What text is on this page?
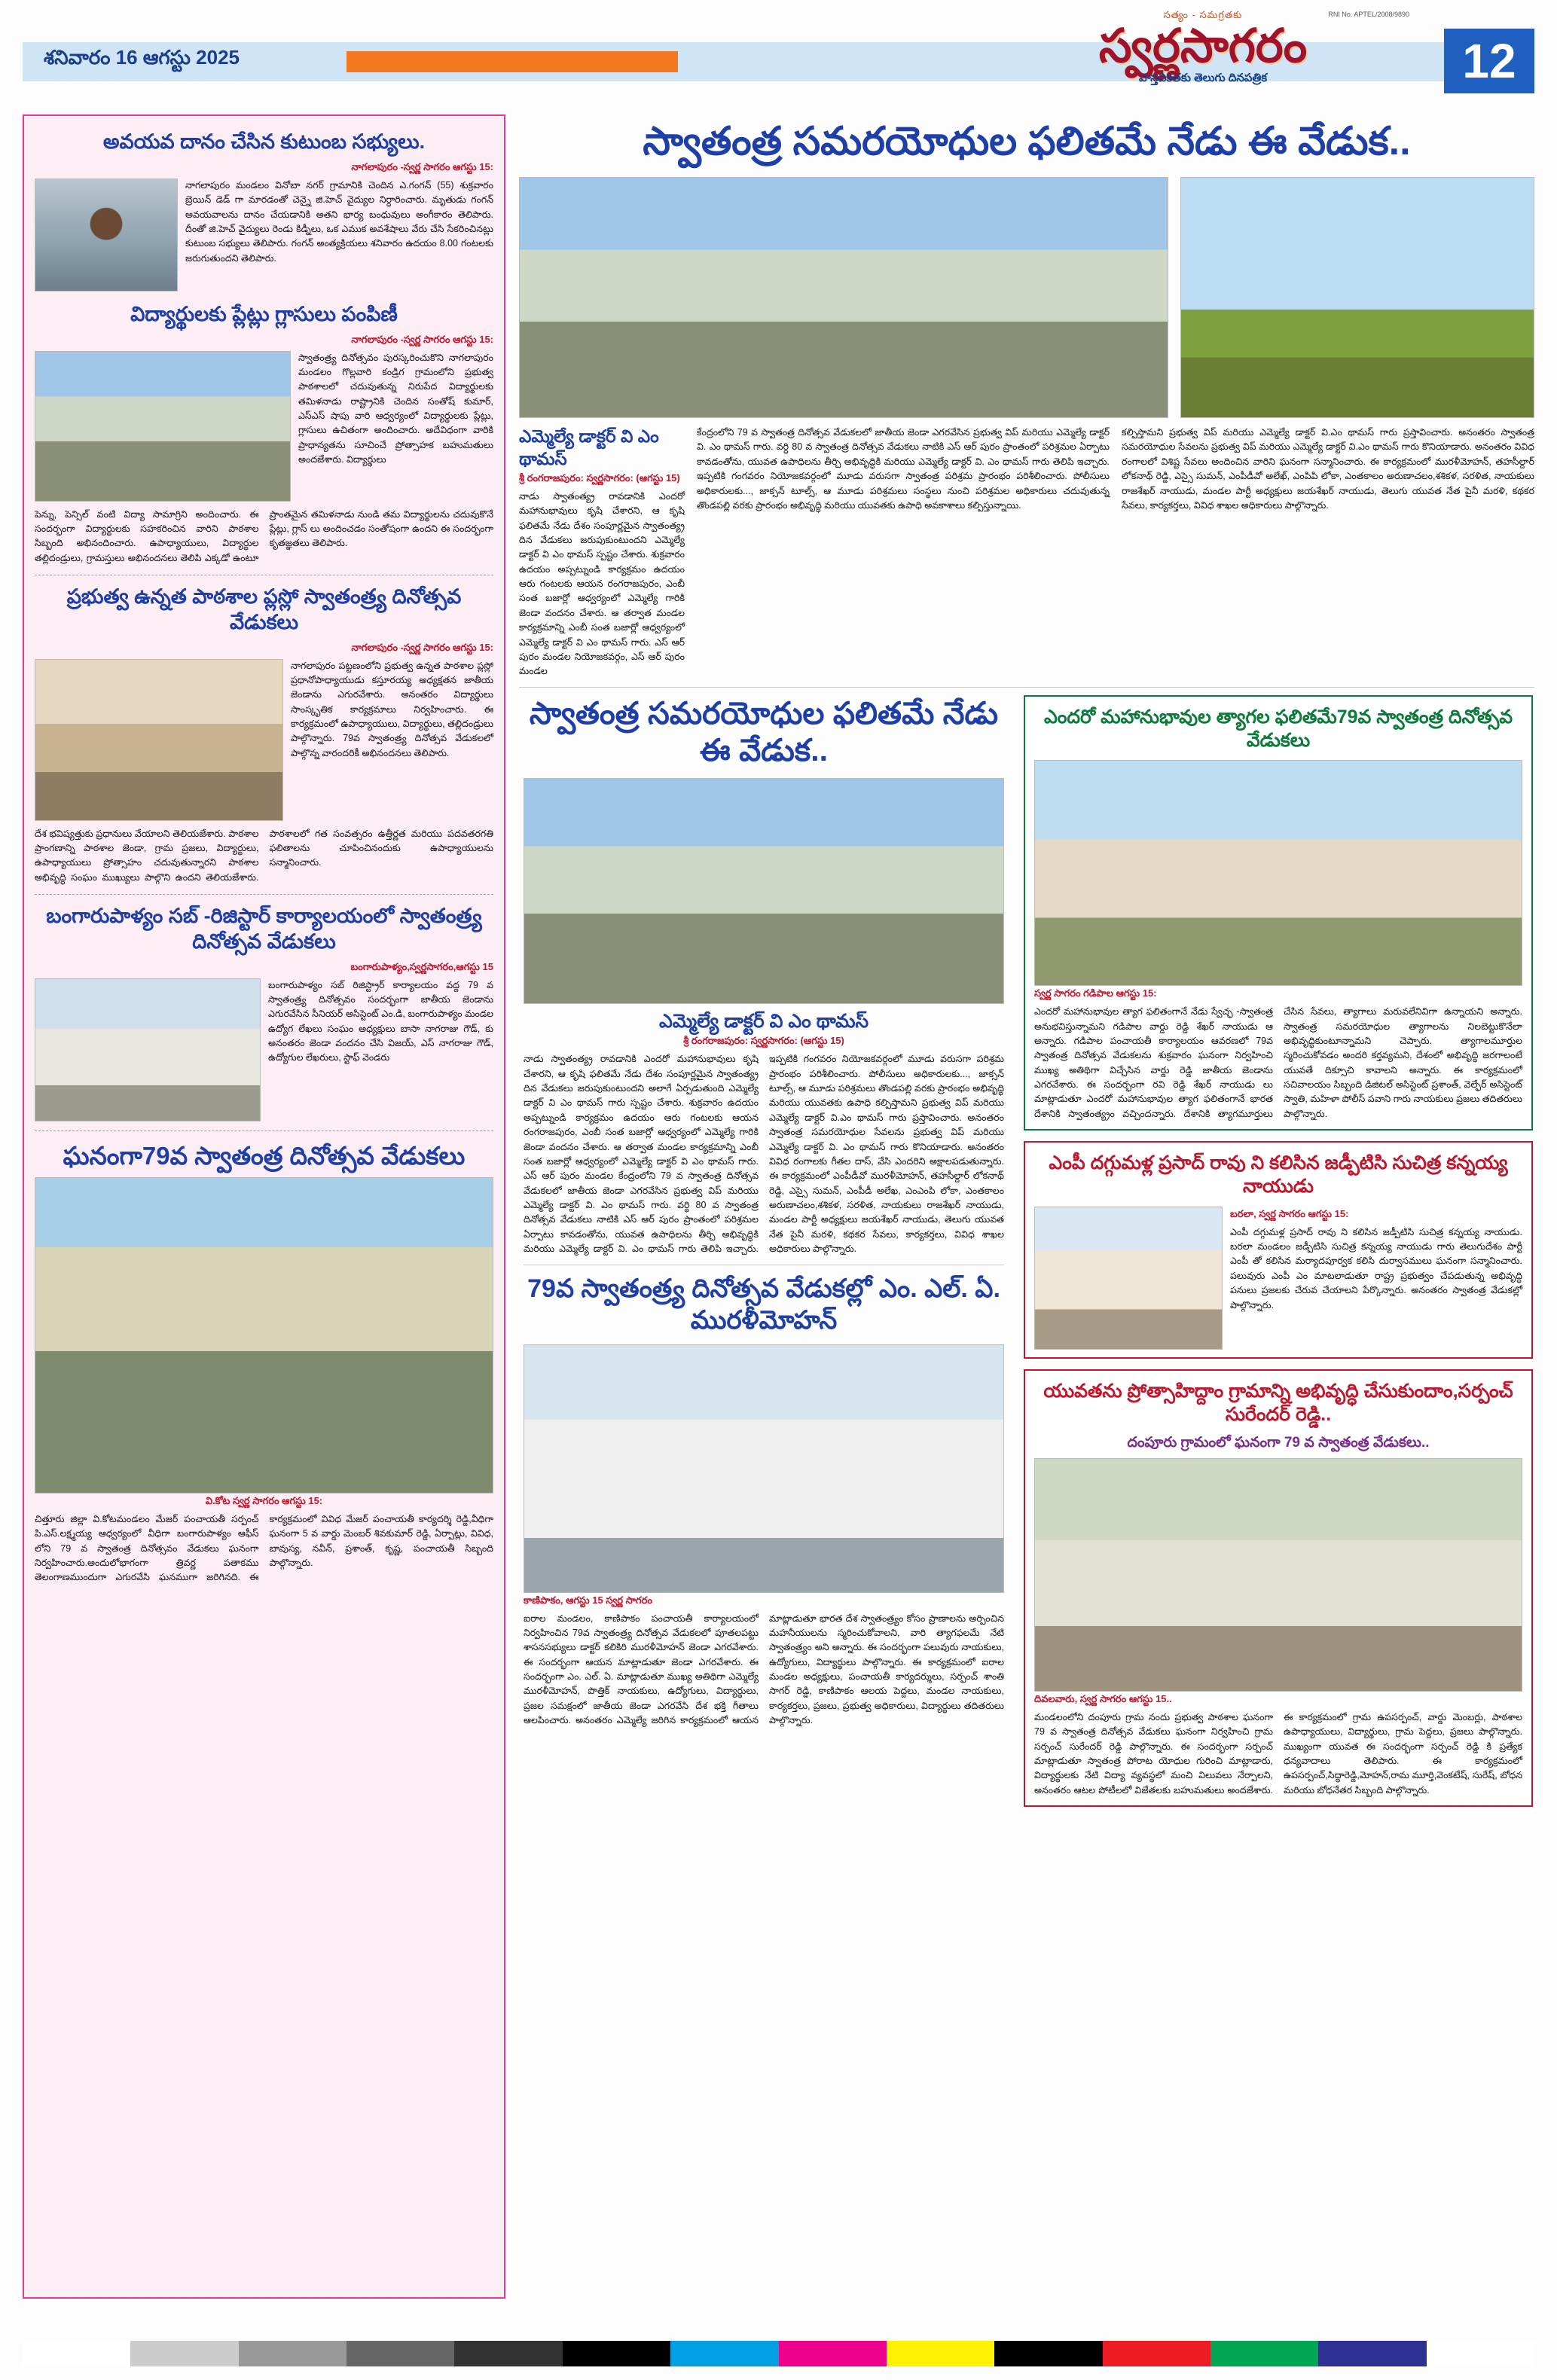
శనివారం 16 ఆగస్టు 2025
RNI No. APTEL/2008/9890
సత్యం - సమగ్రతకు
స్వర్ణసాగరం
వాస్తవికతకు తెలుగు దినపత్రిక	12
అవయవ దానం చేసిన కుటుంబ సభ్యులు.
నాగలాపురం -స్వర్ణ సాగరం ఆగస్టు 15:
నాగలాపురం మండలం వినోబా నగర్ గ్రామానికి చెందిన ఎ.గంగన్ (55) శుక్రవారం బ్రెయిన్ డెడ్ గా మారడంతో చెన్నై జి.హెచ్ వైద్యుల నిర్ధారించారు. మృతుడు గంగన్ అవయవాలను దానం చేయడానికి అతని భార్య బంధువులు అంగీకారం తెలిపారు. దీంతో జి.హెచ్ వైద్యులు రెండు కిడ్నీలు, ఒక ఎముక అవశేషాలు వేరు చేసి సేకరించినట్లు కుటుంబ సభ్యులు తెలిపారు. గంగన్ అంత్యక్రియలు శనివారం ఉదయం 8.00 గంటలకు జరుగుతుందని తెలిపారు.
విద్యార్థులకు ప్లేట్లు గ్లాసులు పంపిణీ
నాగలాపురం -స్వర్ణ సాగరం ఆగస్టు 15:
స్వాతంత్ర్య దినోత్సవం పురస్కరించుకొని నాగలాపురం మండలం గొల్లవారి కండ్రిగ గ్రామంలోని ప్రభుత్వ పాఠశాలలో చదువుతున్న నిరుపేద విద్యార్థులకు తమిళనాడు రాష్ట్రానికి చెందిన సంతోష్ కుమార్, ఎస్ఎస్ షాపు వారి ఆధ్వర్యంలో విద్యార్థులకు ప్లేట్లు, గ్లాసులు ఉచితంగా అందించారు. అదేవిధంగా వారికి ప్రాధాన్యతను సూచించే ప్రోత్సాహక బహుమతులు అందజేశారు. విద్యార్థులు
పెన్ను, పెన్సిల్ వంటి విద్యా సామాగ్రిని అందించారు. ఈ సందర్భంగా విద్యార్థులకు సహకరించిన వారిని పాఠశాల సిబ్బంది అభినందించారు. ఉపాధ్యాయులు, విద్యార్థుల తల్లిదండ్రులు, గ్రామస్తులు అభినందనలు తెలిపి ఎక్కడో ఉంటూ ప్రాంతమైన తమిళనాడు నుండి తమ విద్యార్థులను చదువుకొనే ప్లేట్లు, గ్లాస్ లు అందించడం సంతోషంగా ఉందని ఈ సందర్భంగా కృతజ్ఞతలు తెలిపారు.
ప్రభుత్వ ఉన్నత పాఠశాల ప్లస్లో స్వాతంత్ర్య దినోత్సవ వేడుకలు
నాగలాపురం -స్వర్ణ సాగరం ఆగస్టు 15:
నాగలాపురం పట్టణంలోని ప్రభుత్వ ఉన్నత పాఠశాల ప్లస్లో ప్రధానోపాధ్యాయుడు కస్తూరయ్య అధ్యక్షతన జాతీయ జెండాను ఎగురవేశారు. అనంతరం విద్యార్థులు సాంస్కృతిక కార్యక్రమాలు నిర్వహించారు. ఈ కార్యక్రమంలో ఉపాధ్యాయులు, విద్యార్థులు, తల్లిదండ్రులు పాల్గొన్నారు. 79వ స్వాతంత్ర్య దినోత్సవ వేడుకలలో పాల్గొన్న వారందరికీ అభినందనలు తెలిపారు.
దేశ భవిష్యత్తుకు ప్రధానులు వేయాలని తెలియజేశారు. పాఠశాల ప్రాంగణాన్ని పాఠశాల జెండా, గ్రామ ప్రజలు, విద్యార్థులు, ఉపాధ్యాయులు ప్రోత్సాహం చదువుతున్నారని పాఠశాల అభివృద్ధి సంఘం ముఖ్యులు పాల్గొని ఉందని తెలియజేశారు. పాఠశాలలో గత సంవత్సరం ఉత్తీర్ణత మరియు పదవతరగతి ఫలితాలను చూపించినందుకు ఉపాధ్యాయులను సన్మానించారు.
బంగారుపాళ్యం సబ్ -రిజిస్టార్ కార్యాలయంలో స్వాతంత్ర్య దినోత్సవ వేడుకలు
బంగారుపాళ్యం,స్వర్ణసాగరం,ఆగస్టు 15
బంగారుపాళ్యం సబ్ రిజిస్ట్రార్ కార్యాలయం వద్ద 79 వ స్వాతంత్ర్య దినోత్సవం సందర్భంగా జాతీయ జెండాను ఎగురవేసిన సీనియర్ అసిస్టెంట్ ఎం.డి, బంగారుపాళ్యం మండల ఉద్యోగ లేఖలు సంఘం అధ్యక్షులు బాసా నాగరాజు గౌడ్, కు అనంతరం జెండా వందనం చేసి విజయ్, ఎస్ నాగరాజు గౌడ్, ఉద్యోగుల లేఖరులు, స్టాఫ్ వెండరు
ఘనంగా79వ స్వాతంత్ర దినోత్సవ వేడుకలు
వి.కోట స్వర్ణ సాగరం ఆగస్టు 15:
చిత్తూరు జిల్లా వి.కోటమండలం మేజర్ పంచాయతీ సర్పంచ్ పి.ఎస్.లక్ష్మయ్య ఆధ్వర్యంలో వీధిగా బంగారుపాళ్యం ఆఫీస్ లోని 79 వ స్వాతంత్ర దినోత్సవం వేడుకలు ఘనంగా నిర్వహించారు.అందులోభాగంగా త్రివర్ణ పతాకము తెలంగాణముందుగా ఎగురవేసి ఘనముగా జరిగినది. ఈ కార్యక్రమంలో వివిధ మేజర్ పంచాయతీ కార్యదర్శి రెడ్డి,వీధిగా ఘనంగా 5 వ వార్డు మెంబర్ శివకుమార్ రెడ్డి, ఏర్పాట్లు, వివిధ, బావుస్య, నవీన్, ప్రశాంత్, కృష్ణ, పంచాయతీ సిబ్బంది పాల్గొన్నారు.
స్వాతంత్ర సమరయోధుల ఫలితమే నేడు ఈ వేడుక..
ఎమ్మెల్యే డాక్టర్ వి ఎం థామస్
శ్రీ రంగరాజపురం: స్వర్ణసాగరం: (ఆగస్టు 15)
నాడు స్వాతంత్య్ర రావడానికి ఎందరో మహానుభావులు కృషి చేశారని, ఆ కృషి ఫలితమే నేడు దేశం సంపూర్ణమైన స్వాతంత్య్ర దిన వేడుకలు జరుపుకుంటుందని ఎమ్మెల్యే డాక్టర్ వి ఎం థామస్ స్పష్టం చేశారు. శుక్రవారం ఉదయం అప్పట్నుండి కార్యక్రమం ఉదయం ఆరు గంటలకు ఆయన రంగరాజపురం, ఎంబీ సంత బజార్లో ఆధ్వర్యంలో ఎమ్మెల్యే గారికి జెండా వందనం చేశారు. ఆ తర్వాత మండల కార్యక్రమాన్ని ఎంబీ సంత బజార్లో ఆధ్వర్యంలో ఎమ్మెల్యే డాక్టర్ వి ఎం థామస్ గారు. ఎస్ ఆర్ పురం మండల నియోజకవర్గం, ఎస్ ఆర్ పురం మండల
కేంద్రంలోని 79 వ స్వాతంత్ర దినోత్సవ వేడుకలలో జాతీయ జెండా ఎగరవేసిన ప్రభుత్వ విప్ మరియు ఎమ్మెల్యే డాక్టర్ వి. ఎం థామస్ గారు. వర్ధి 80 వ స్వాతంత్ర దినోత్సవ వేడుకలు నాటికి ఎస్ ఆర్ పురం ప్రాంతంలో పరిశ్రమల ఏర్పాటు కావడంతోను, యువత ఉపాధిలను తీర్చి అభివృద్ధికి మరియు ఎమ్మెల్యే డాక్టర్ వి. ఎం థామస్ గారు తెలిపి ఇచ్చారు. ఇప్పటికి గంగవరం నియోజకవర్గంలో మూడు వరుసగా స్వాతంత్ర పరిశ్రమ ప్రారంభం పరిశీలించారు. పోలీసులు అధికారులకు..., జాక్సన్ టూల్స్, ఆ మూడు పరిశ్రమలు సంస్థలు నుంచి పరిశ్రమల అధికారులు చదువుతున్న తొండపల్లి వరకు ప్రారంభం అభివృద్ధి మరియు యువతకు ఉపాధి అవకాశాలు కల్పిస్తున్నాయి.
కల్పిస్తామని ప్రభుత్వ విప్ మరియు ఎమ్మెల్యే డాక్టర్ వి.ఎం థామస్ గారు ప్రస్తావించారు. అనంతరం స్వాతంత్ర సమరయోధుల సేవలను ప్రభుత్వ విప్ మరియు ఎమ్మెల్యే డాక్టర్ వి.ఎం థామస్ గారు కొనియాడారు. అనంతరం వివిధ రంగాలలో విశిష్ట సేవలు అందించిన వారిని ఘనంగా సన్మానించారు. ఈ కార్యక్రమంలో మురళీమోహన్, తహసీల్దార్ లోకనాథ్ రెడ్డి, ఎస్సై సుమన్, ఎంపీడీవో అలేఖ్, ఎంపిపి లోకా, ఎంతకాలం అరుణాచలం,శశికళ, సరళిత, నాయకులు రాజశేఖర్ నాయుడు, మండల పార్టీ అధ్యక్షులు జయశేఖర్ నాయుడు, తెలుగు యువత నేత పైనీ మరళి, కథకర సేవలు, కార్యకర్తలు, వివిధ శాఖల అధికారులు పాల్గొన్నారు.
స్వాతంత్ర సమరయోధుల ఫలితమే నేడు ఈ వేడుక..
ఎమ్మెల్యే డాక్టర్ వి ఎం థామస్
శ్రీ రంగరాజపురం: స్వర్ణసాగరం: (ఆగస్టు 15)
నాడు స్వాతంత్య్ర రావడానికి ఎందరో మహానుభావులు కృషి చేశారని, ఆ కృషి ఫలితమే నేడు దేశం సంపూర్ణమైన స్వాతంత్య్ర దిన వేడుకలు జరుపుకుంటుందని అలాగే ఏర్పడుతుంది ఎమ్మెల్యే డాక్టర్ వి ఎం థామస్ గారు స్పష్టం చేశారు. శుక్రవారం ఉదయం అప్పట్నుండి కార్యక్రమం ఉదయం ఆరు గంటలకు ఆయన రంగరాజపురం, ఎంబీ సంత బజార్లో ఆధ్వర్యంలో ఎమ్మెల్యే గారికి జెండా వందనం చేశారు. ఆ తర్వాత మండల కార్యక్రమాన్ని ఎంబీ సంత బజార్లో ఆధ్వర్యంలో ఎమ్మెల్యే డాక్టర్ వి ఎం థామస్ గారు. ఎస్ ఆర్ పురం మండల కేంద్రంలోని 79 వ స్వాతంత్ర దినోత్సవ వేడుకలలో జాతీయ జెండా ఎగరవేసిన ప్రభుత్వ విప్ మరియు ఎమ్మెల్యే డాక్టర్ వి. ఎం థామస్ గారు. వర్ధి 80 వ స్వాతంత్ర దినోత్సవ వేడుకలు నాటికి ఎస్ ఆర్ పురం ప్రాంతంలో పరిశ్రమల ఏర్పాటు కావడంతోను, యువత ఉపాధిలను తీర్చి అభివృద్ధికి మరియు ఎమ్మెల్యే డాక్టర్ వి. ఎం థామస్ గారు తెలిపి ఇచ్చారు. ఇప్పటికి గంగవరం నియోజకవర్గంలో మూడు వరుసగా పరిశ్రమ ప్రారంభం పరిశీలించారు. పోలీసులు అధికారులకు..., జాక్సన్ టూల్స్, ఆ మూడు పరిశ్రమలు తొండపల్లి వరకు ప్రారంభం అభివృద్ధి మరియు యువతకు ఉపాధి కల్పిస్తామని ప్రభుత్వ విప్ మరియు ఎమ్మెల్యే డాక్టర్ వి.ఎం థామస్ గారు ప్రస్తావించారు. అనంతరం స్వాతంత్ర సమరయోధుల సేవలను ప్రభుత్వ విప్ మరియు ఎమ్మెల్యే డాక్టర్ వి. ఎం థామస్ గారు కొనియాడారు. అనంతరం వివిధ రంగాలకు గీతల దాస్, వేసి ఎందరిని అక్షాలపడుతున్నారు. ఈ కార్యక్రమంలో ఎంపీడీవో మురళీమోహన్, తహసీల్దార్ లోకనాథ్ రెడ్డి, ఎస్సై సుమన్, ఎంపీడీ అలేఖ, ఎంఎంపి లోకా, ఎంతకాలం అరుణాచలం,శశికళ, సరళిత, నాయకులు రాజశేఖర్ నాయుడు, మండల పార్టీ అధ్యక్షులు జయశేఖర్ నాయుడు, తెలుగు యువత నేత పైనీ మరళి, కథకర సేవలు, కార్యకర్తలు, వివిధ శాఖల అధికారులు పాల్గొన్నారు.
79వ స్వాతంత్ర్య దినోత్సవ వేడుకల్లో ఎం. ఎల్. ఏ. మురళీమోహన్
కాణిపాకం, ఆగస్టు 15 స్వర్ణ సాగరం
ఐరాల మండలం, కాణిపాకం పంచాయతీ కార్యాలయంలో నిర్వహించిన 79వ స్వాతంత్ర్య దినోత్సవ వేడుకలలో పూతలపట్టు శాసనసభ్యులు డాక్టర్ కలికిరి మురళీమోహన్ జెండా ఎగరవేశారు. ఈ సందర్భంగా ఆయన మాట్లాడుతూ జెండా ఎగరవేశారు. ఈ సందర్భంగా ఎం. ఎల్. ఏ. మాట్లాడుతూ ముఖ్య అతిథిగా ఎమ్మెల్యే మురళీమోహన్, పొత్తిక్ నాయకులు, ఉద్యోగులు, విద్యార్థులు, ప్రజల సమక్షంలో జాతీయ జెండా ఎగరవేసి దేశ భక్తి గీతాలు ఆలపించారు. అనంతరం ఎమ్మెల్యే జరిగిన కార్యక్రమంలో ఆయన మాట్లాడుతూ భారత దేశ స్వాతంత్ర్యం కోసం ప్రాణాలను అర్పించిన మహనీయులను స్మరించుకోవాలని, వారి త్యాగఫలమే నేటి స్వాతంత్ర్యం అని అన్నారు. ఈ సందర్భంగా పలువురు నాయకులు, ఉద్యోగులు, విద్యార్థులు పాల్గొన్నారు. ఈ కార్యక్రమంలో ఐరాల మండల అధ్యక్షులు, పంచాయతీ కార్యదర్శులు, సర్పంచ్ శాంతి సాగర్ రెడ్డి, కాణిపాకం ఆలయ పెద్దలు, మండల నాయకులు, కార్యకర్తలు, ప్రజలు, ప్రభుత్వ అధికారులు, విద్యార్థులు తదితరులు పాల్గొన్నారు.
ఎందరో మహానుభావుల త్యాగల ఫలితమే79వ స్వాతంత్ర దినోత్సవ వేడుకలు
స్వర్ణ సాగరం గడిపాల ఆగస్టు 15:
ఎందరో మహానుభావుల త్యాగ ఫలితంగానే నేడు స్వేచ్ఛ -స్వాతంత్ర అనుభవిస్తున్నామని గడిపాల వార్డు రెడ్డి శేఖర్ నాయుడు ఆ అన్నారు. గడిపాల పంచాయతీ కార్యాలయం ఆవరణలో 79వ స్వాతంత్ర దినోత్సవ వేడుకలను శుక్రవారం ఘనంగా నిర్వహించి ముఖ్య అతిథిగా విచ్చేసిన వార్డు రెడ్డి జాతీయ జెండాను ఎగరవేశారు. ఈ సందర్భంగా రవి రెడ్డి శేఖర్ నాయుడు లు మాట్లాడుతూ ఎందరో మహానుభావుల త్యాగ ఫలితంగానే భారత దేశానికి స్వాతంత్య్రం వచ్చిందన్నారు. దేశానికి త్యాగమూర్తులు చేసిన సేవలు, త్యాగాలు మరువలేనివిగా ఉన్నాయని అన్నారు. స్వాతంత్ర సమరయోధుల త్యాగాలను నిలబెట్టుకొనేలా అభివృద్ధికుంటూన్నామని చెప్పారు. త్యాగాలమూర్తుల స్మరించుకోవడం అందరి కర్తవ్యమని, దేశంలో అభివృద్ధి జరగాలంటే యువతే దిక్సూచి కావాలని అన్నారు. ఈ కార్యక్రమంలో సచివాలయం సిబ్బంది డిజిటల్ అసిస్టెంట్ ప్రశాంత్, వెల్ఫేర్ అసిస్టెంట్ స్వాతి, మహిళా పోలీస్ పవాని గారు నాయకులు ప్రజలు తదితరులు పాల్గొన్నారు.
ఎంపీ దగ్గుమళ్ల ప్రసాద్ రావు ని కలిసిన జడ్పీటిసి సుచిత్ర కన్నయ్య నాయుడు
బరలా, స్వర్ణ సాగరం ఆగస్టు 15:
ఎంపీ దగ్గుమళ్ల ప్రసాద్ రావు ని కలిసిన జడ్పీటిసి సుచిత్ర కన్నయ్య నాయుడు. బరలా మండలం జడ్పీటిసి సుచిత్ర కన్నయ్య నాయుడు గారు తెలుగుదేశం పార్టీ ఎంపీ తో కలిసిన మర్యాదపూర్వక కలిసి దుర్వాసములు ఘనంగా సన్మానించారు. పలువురు ఎంపీ ఎం మాటలాడుతూ రాష్ట్ర ప్రభుత్వం చేపడుతున్న అభివృద్ధి పనులు ప్రజలకు చేరువ చేయాలని పేర్కొన్నారు. అనంతరం స్వాతంత్ర వేడుకల్లో పాల్గొన్నారు.
యువతను ప్రోత్సాహిద్దాం గ్రామాన్ని అభివృద్ధి చేసుకుందాం,సర్పంచ్ సురేందర్ రెడ్డి..
దంపూరు గ్రామంలో ఘనంగా 79 వ స్వాతంత్ర వేడుకలు..
దివలవారు, స్వర్ణ సాగరం ఆగస్టు 15..
మండలంలోని దంపూరు గ్రామ నందు ప్రభుత్వ పాఠశాల ఘనంగా 79 వ స్వాతంత్ర దినోత్సవ వేడుకలు ఘనంగా నిర్వహించి గ్రామ సర్పంచ్ సురేందర్ రెడ్డి పాల్గొన్నారు. ఈ సందర్భంగా సర్పంచ్ మాట్లాడుతూ స్వాతంత్ర పోరాట యోధుల గురించి మాట్లాడారు, విద్యార్థులకు నేటి విద్యా వ్యవస్థలో మంచి విలువలు నేర్పాలని, అనంతరం ఆటల పోటీలలో విజేతలకు బహుమతులు అందజేశారు. ఈ కార్యక్రమంలో గ్రామ ఉపసర్పంచ్, వార్డు మెంబర్లు, పాఠశాల ఉపాధ్యాయులు, విద్యార్థులు, గ్రామ పెద్దలు, ప్రజలు పాల్గొన్నారు. ముఖ్యంగా యువత ఈ సందర్భంగా సర్పంచ్ రెడ్డి కి ప్రత్యేక ధన్యవాదాలు తెలిపారు. ఈ కార్యక్రమంలో ఉపసర్పంచ్,సిద్ధారెడ్డి,మోహన్,రామ మూర్తి,వెంకటేష్, సురేష్, బోధన మరియు బోధనేతర సిబ్బంది పాల్గొన్నారు.
